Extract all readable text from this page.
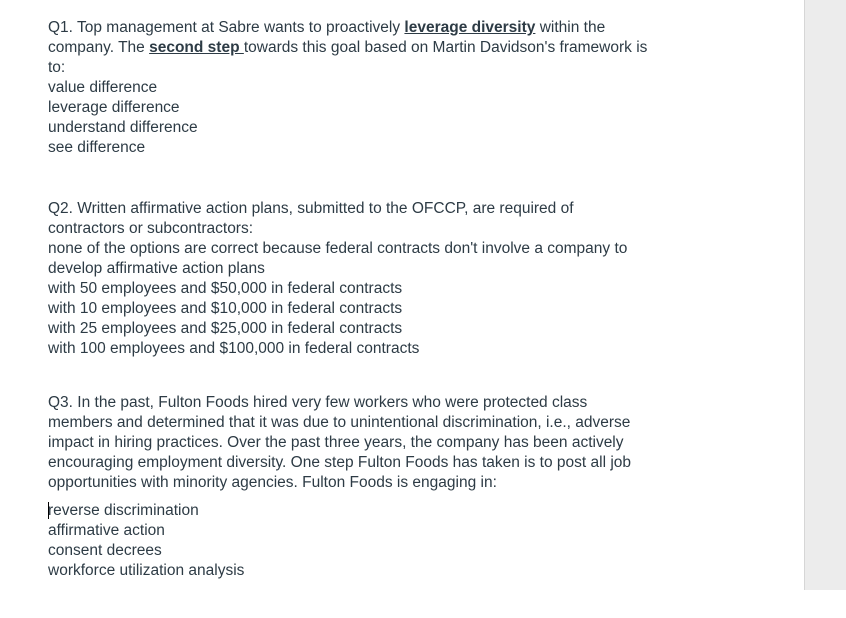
Q1. Top management at Sabre wants to proactively leverage diversity within the
company. The second step towards this goal based on Martin Davidson's framework is
to:
value difference
leverage difference
understand difference
see difference
Q2. Written affirmative action plans, submitted to the OFCCP, are required of
contractors or subcontractors:
none of the options are correct because federal contracts don't involve a company to
develop affirmative action plans
with 50 employees and $50,000 in federal contracts
with 10 employees and $10,000 in federal contracts
with 25 employees and $25,000 in federal contracts
with 100 employees and $100,000 in federal contracts
Q3. In the past, Fulton Foods hired very few workers who were protected class
members and determined that it was due to unintentional discrimination, i.e., adverse
impact in hiring practices. Over the past three years, the company has been actively
encouraging employment diversity. One step Fulton Foods has taken is to post all job
opportunities with minority agencies. Fulton Foods is engaging in:
reverse discrimination
affirmative action
consent decrees
workforce utilization analysis
